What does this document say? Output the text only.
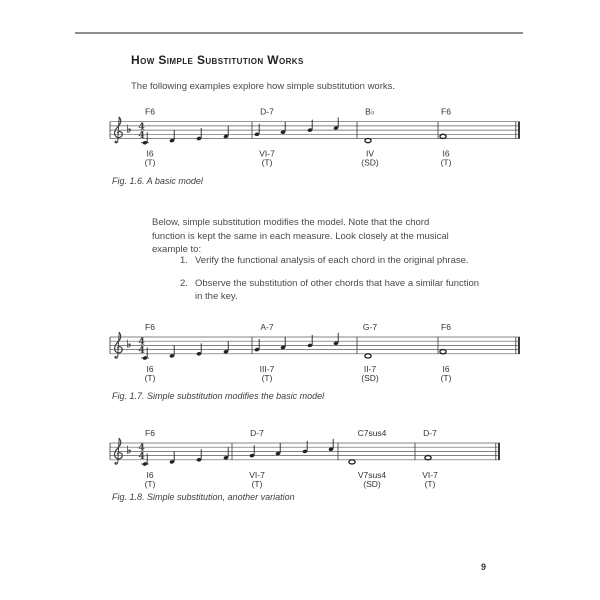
How Simple Substitution Works
The following examples explore how simple substitution works.
♭ 4
4
F6
I6
(T)
D-7
VI-7
(T)
B♭
IV
(SD)
F6
I6
(T)
Fig. 1.6. A basic model
Below, simple substitution modifies the model. Note that the chord function is kept the same in each measure. Look closely at the musical example to:
1. Verify the functional analysis of each chord in the original phrase.
2. Observe the substitution of other chords that have a similar function in the key.
♭ 4
4
F6
I6
(T)
A-7
III-7
(T)
G-7
II-7
(SD)
F6
I6
(T)
Fig. 1.7. Simple substitution modifies the basic model
♭ 4
4
F6
I6
(T)
D-7
VI-7
(T)
C7sus4
V7sus4
(SD)
D-7
VI-7
(T)
Fig. 1.8. Simple substitution, another variation
9
